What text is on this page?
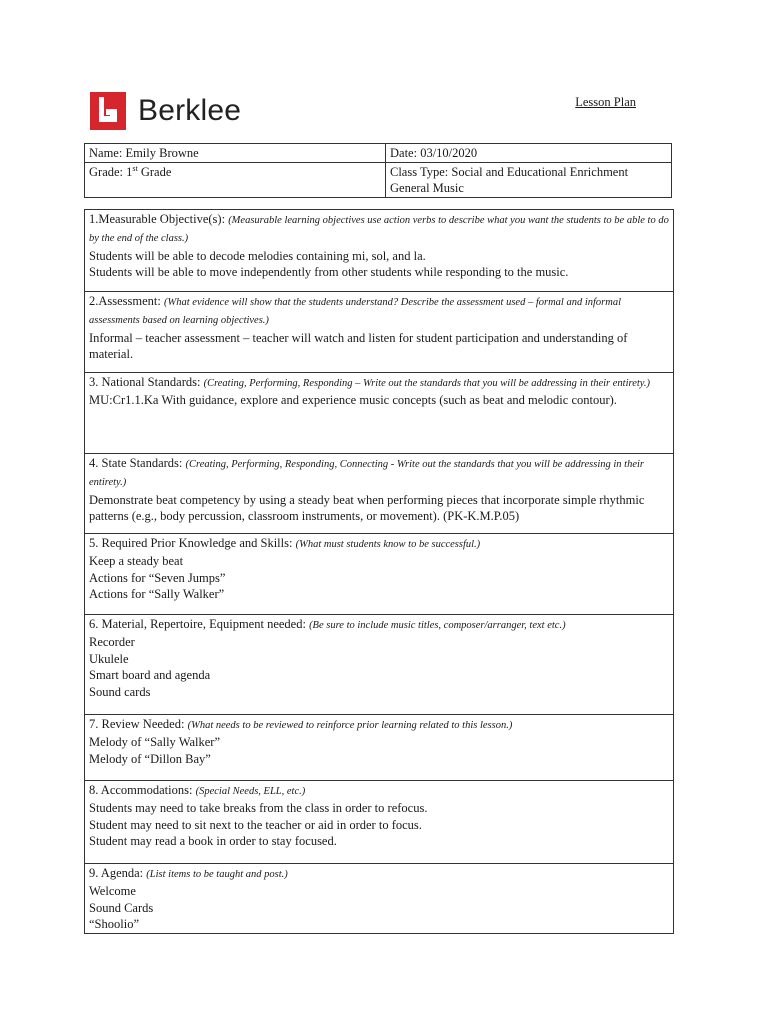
Berklee	Lesson Plan
Name: Emily Browne	Date: 03/10/2020
Grade: 1st Grade	Class Type: Social and Educational Enrichment
General Music
1.Measurable Objective(s): (Measurable learning objectives use action verbs to describe what you want the students to be able to do by the end of the class.)
Students will be able to decode melodies containing mi, sol, and la.
Students will be able to move independently from other students while responding to the music.
2.Assessment: (What evidence will show that the students understand? Describe the assessment used – formal and informal assessments based on learning objectives.)
Informal – teacher assessment – teacher will watch and listen for student participation and understanding of material.
3. National Standards: (Creating, Performing, Responding – Write out the standards that you will be addressing in their entirety.)
MU:Cr1.1.Ka With guidance, explore and experience music concepts (such as beat and melodic contour).
4. State Standards: (Creating, Performing, Responding, Connecting - Write out the standards that you will be addressing in their entirety.)
Demonstrate beat competency by using a steady beat when performing pieces that incorporate simple rhythmic patterns (e.g., body percussion, classroom instruments, or movement). (PK-K.M.P.05)
5. Required Prior Knowledge and Skills: (What must students know to be successful.)
Keep a steady beat
Actions for “Seven Jumps”
Actions for “Sally Walker”
6. Material, Repertoire, Equipment needed: (Be sure to include music titles, composer/arranger, text etc.)
Recorder
Ukulele
Smart board and agenda
Sound cards
7. Review Needed: (What needs to be reviewed to reinforce prior learning related to this lesson.)
Melody of “Sally Walker”
Melody of “Dillon Bay”
8. Accommodations: (Special Needs, ELL, etc.)
Students may need to take breaks from the class in order to refocus.
Student may need to sit next to the teacher or aid in order to focus.
Student may read a book in order to stay focused.
9. Agenda: (List items to be taught and post.)
Welcome
Sound Cards
“Shoolio”
